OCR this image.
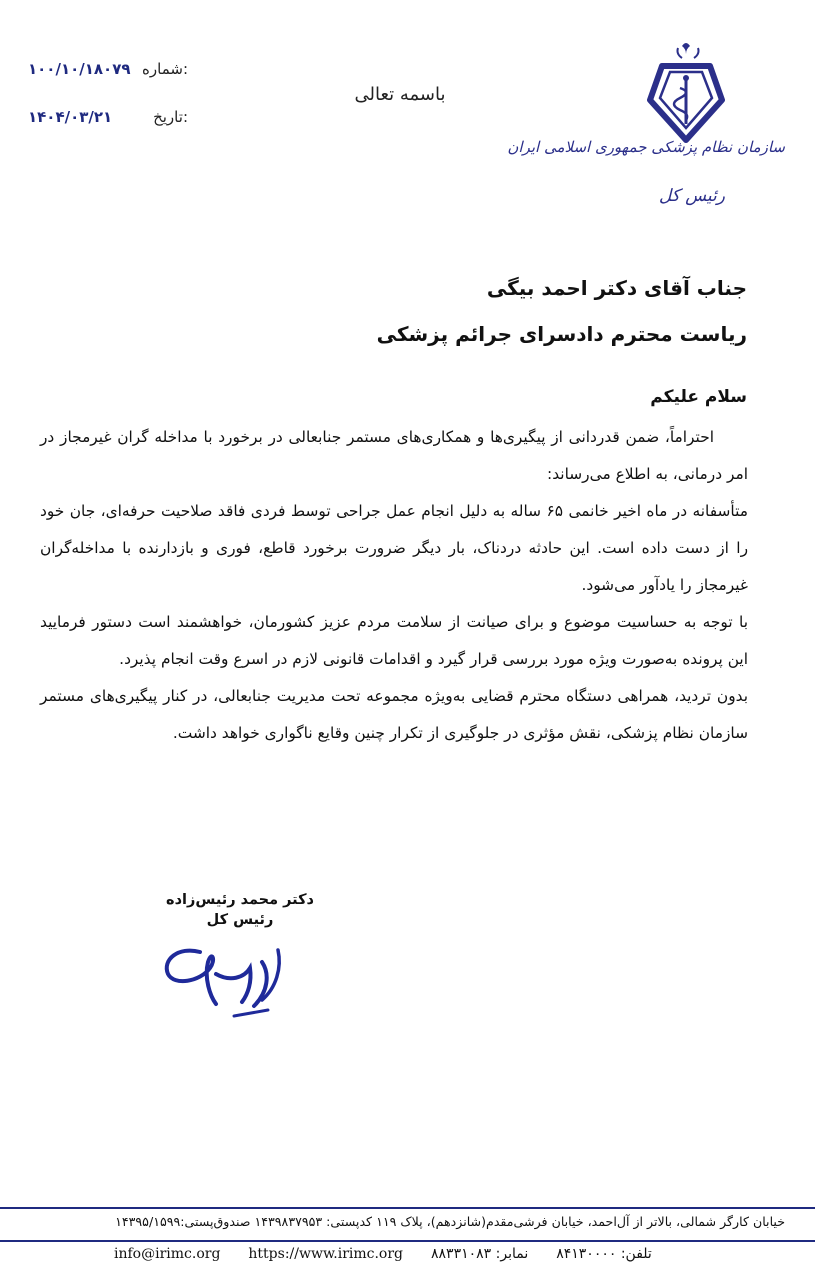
۱۰۰/۱۰/۱۸۰۷۹ شماره:
۱۴۰۴/۰۳/۲۱	تاریخ:
باسمه تعالی
سازمان نظام پزشکی جمهوری اسلامی ایران
رئیس کل
جناب آقای دکتر احمد بیگی
ریاست محترم دادسرای جرائم پزشکی
سلام علیکم

احتراماً، ضمن قدردانی از پیگیری‌ها و همکاری‌های مستمر جنابعالی در برخورد با مداخله گران غیرمجاز در امر درمانی، به اطلاع می‌رساند:

متأسفانه در ماه اخیر خانمی ۶۵ ساله به دلیل انجام عمل جراحی توسط فردی فاقد صلاحیت حرفه‌ای، جان خود را از دست داده است. این حادثه دردناک، بار دیگر ضرورت برخورد قاطع، فوری و بازدارنده با مداخله‌گران غیرمجاز را یادآور می‌شود.

با توجه به حساسیت موضوع و برای صیانت از سلامت مردم عزیز کشورمان، خواهشمند است دستور فرمایید این پرونده به‌صورت ویژه مورد بررسی قرار گیرد و اقدامات قانونی لازم در اسرع وقت انجام پذیرد.

بدون تردید، همراهی دستگاه محترم قضایی به‌ویژه مجموعه تحت مدیریت جنابعالی، در کنار پیگیری‌های مستمر سازمان نظام پزشکی، نقش مؤثری در جلوگیری از تکرار چنین وقایع ناگواری خواهد داشت.

دکتر محمد رئیس‌زاده
رئیس کل
خیابان کارگر شمالی، بالاتر از آل‌احمد، خیابان فرشی‌مقدم(شانزدهم)، پلاک ۱۱۹ کدپستی: ۱۴۳۹۸۳۷۹۵۳ صندوق‌پستی:۱۴۳۹۵/۱۵۹۹
info@irimc.org https://www.irimc.org	نمابر: ۸۸۳۳۱۰۸۳	تلفن: ۸۴۱۳۰۰۰۰
